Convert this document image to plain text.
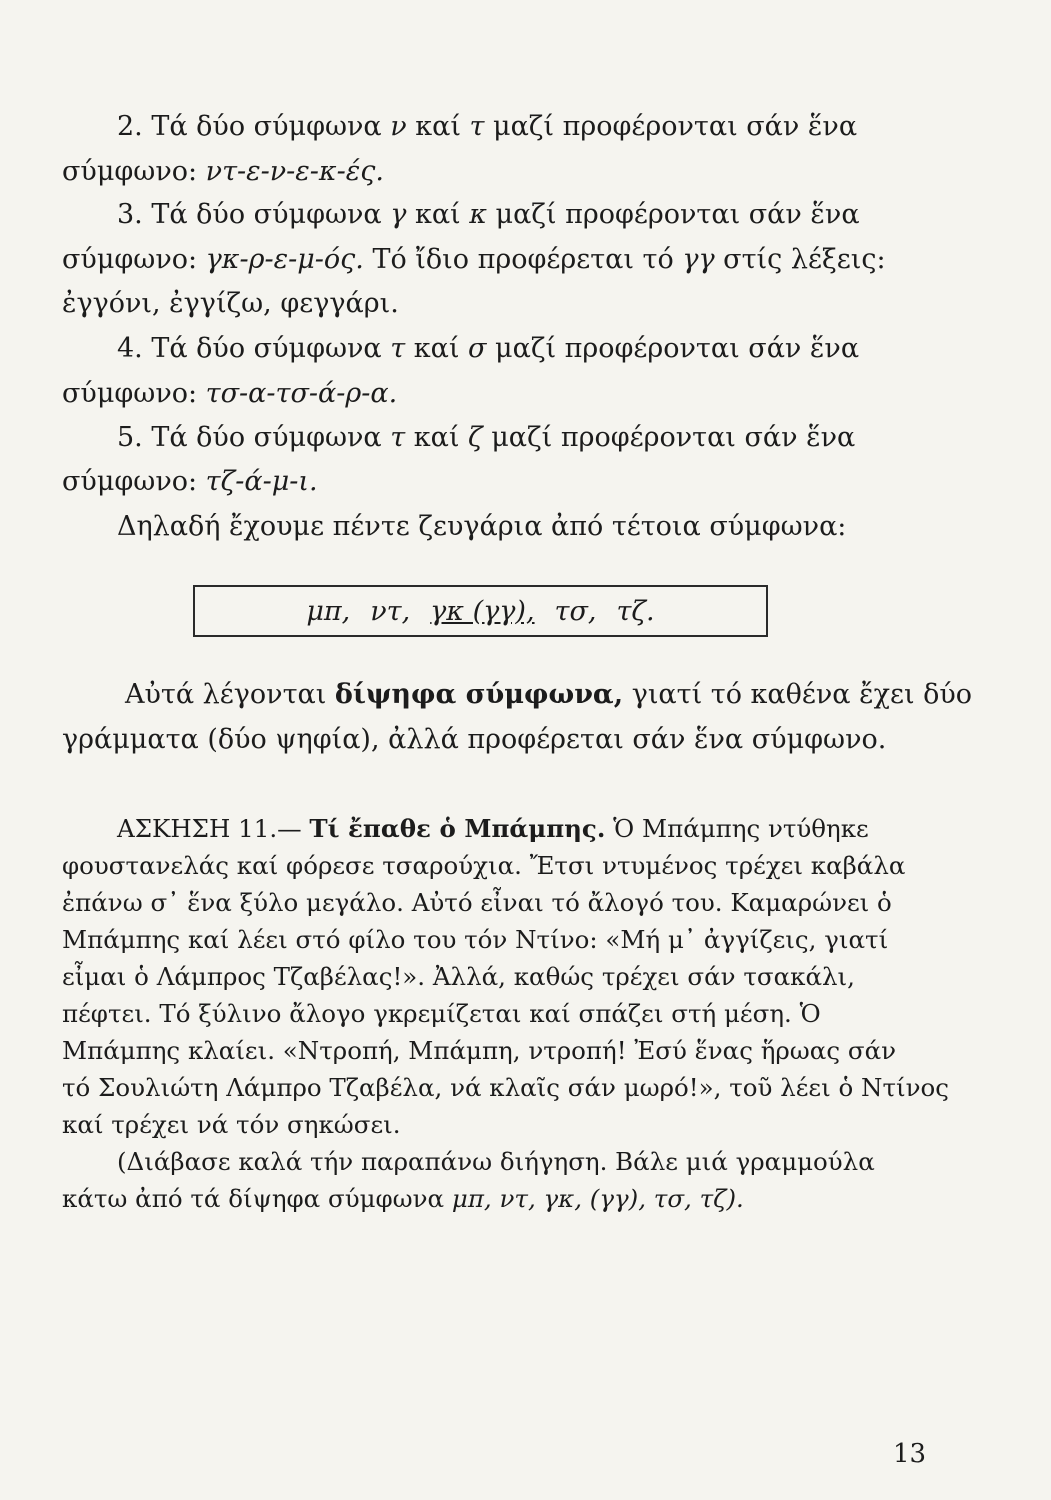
2. Τά δύο σύμφωνα ν καί τ μαζί προφέρονται σάν ἕνα
σύμφωνο: ντ-ε-ν-ε-κ-ές.
3. Τά δύο σύμφωνα γ καί κ μαζί προφέρονται σάν ἕνα
σύμφωνο: γκ-ρ-ε-μ-ός. Τό ἴδιο προφέρεται τό γγ στίς λέξεις:
ἐγγόνι, ἐγγίζω, φεγγάρι.
4. Τά δύο σύμφωνα τ καί σ μαζί προφέρονται σάν ἕνα
σύμφωνο: τσ-α-τσ-ά-ρ-α.
5. Τά δύο σύμφωνα τ καί ζ μαζί προφέρονται σάν ἕνα
σύμφωνο: τζ-ά-μ-ι.
Δηλαδή ἔχουμε πέντε ζευγάρια ἀπό τέτοια σύμφωνα:
μπ, ντ, γκ (γγ), τσ, τζ.
Αὐτά λέγονται δίψηφα σύμφωνα, γιατί τό καθένα ἔχει δύο
γράμματα (δύο ψηφία), ἀλλά προφέρεται σάν ἕνα σύμφωνο.
ΑΣΚΗΣΗ 11.— Τί ἔπαθε ὁ Μπάμπης. Ὁ Μπάμπης ντύθηκε
φουστανελάς καί φόρεσε τσαρούχια. Ἔτσι ντυμένος τρέχει καβάλα
ἐπάνω σ᾿ ἕνα ξύλο μεγάλο. Αὐτό εἶναι τό ἄλογό του. Καμαρώνει ὁ
Μπάμπης καί λέει στό φίλο του τόν Ντίνο: «Μή μ᾿ ἀγγίζεις, γιατί
εἶμαι ὁ Λάμπρος Τζαβέλας!». Ἀλλά, καθώς τρέχει σάν τσακάλι,
πέφτει. Τό ξύλινο ἄλογο γκρεμίζεται καί σπάζει στή μέση. Ὁ
Μπάμπης κλαίει. «Ντροπή, Μπάμπη, ντροπή! Ἐσύ ἕνας ἥρωας σάν
τό Σουλιώτη Λάμπρο Τζαβέλα, νά κλαῖς σάν μωρό!», τοῦ λέει ὁ Ντίνος
καί τρέχει νά τόν σηκώσει.
(Διάβασε καλά τήν παραπάνω διήγηση. Βάλε μιά γραμμούλα
κάτω ἀπό τά δίψηφα σύμφωνα μπ, ντ, γκ, (γγ), τσ, τζ).
13
